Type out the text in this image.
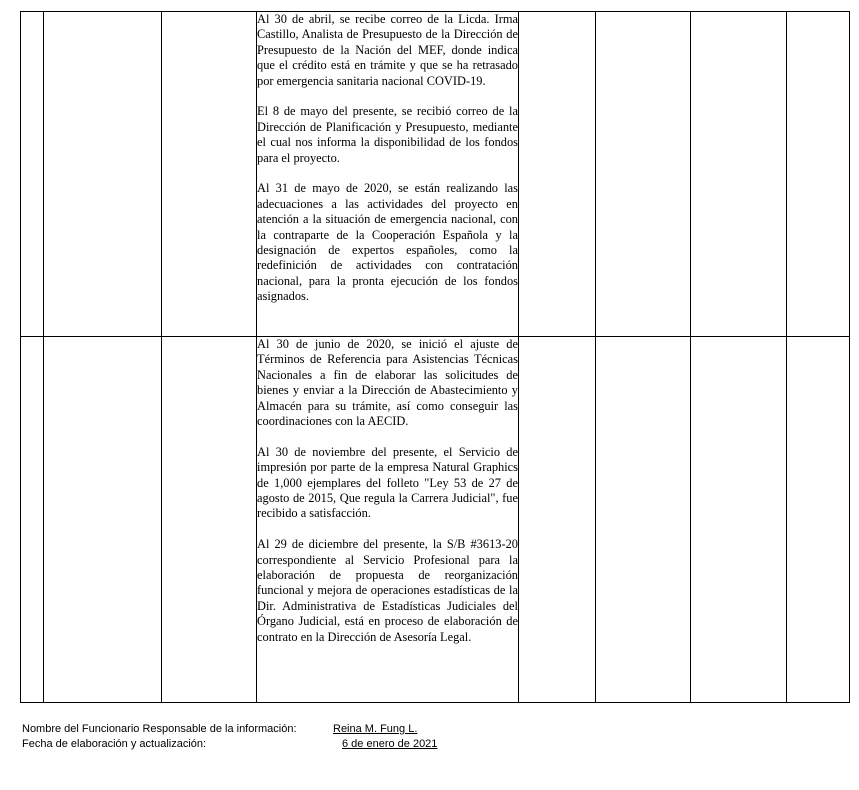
			Al 30 de abril, se recibe correo de la Licda. Irma Castillo, Analista de Presupuesto de la Dirección de Presupuesto de la Nación del MEF, donde indica que el crédito está en trámite y que se ha retrasado por emergencia sanitaria nacional COVID-19.

El 8 de mayo del presente, se recibió correo de la Dirección de Planificación y Presupuesto, mediante el cual nos informa la disponibilidad de los fondos para el proyecto.

Al 31 de mayo de 2020, se están realizando las adecuaciones a las actividades del proyecto en atención a la situación de emergencia nacional, con la contraparte de la Cooperación Española y la designación de expertos españoles, como la redefinición de actividades con contratación nacional, para la pronta ejecución de los fondos asignados.				

			Al 30 de junio de 2020, se inició el ajuste de Términos de Referencia para Asistencias Técnicas Nacionales a fin de elaborar las solicitudes de bienes y enviar a la Dirección de Abastecimiento y Almacén para su trámite, así como conseguir las coordinaciones con la AECID.

Al 30 de noviembre del presente, el Servicio de impresión por parte de la empresa Natural Graphics de 1,000 ejemplares del folleto "Ley 53 de 27 de agosto de 2015, Que regula la Carrera Judicial", fue recibido a satisfacción.

Al 29 de diciembre del presente, la S/B #3613-20 correspondiente al Servicio Profesional para la elaboración de propuesta de reorganización funcional y mejora de operaciones estadísticas de la Dir. Administrativa de Estadísticas Judiciales del Órgano Judicial, está en proceso de elaboración de contrato en la Dirección de Asesoría Legal.				

Nombre del Funcionario Responsable de la información:	Reina M. Fung L.
Fecha de elaboración y actualización:	6 de enero de 2021
